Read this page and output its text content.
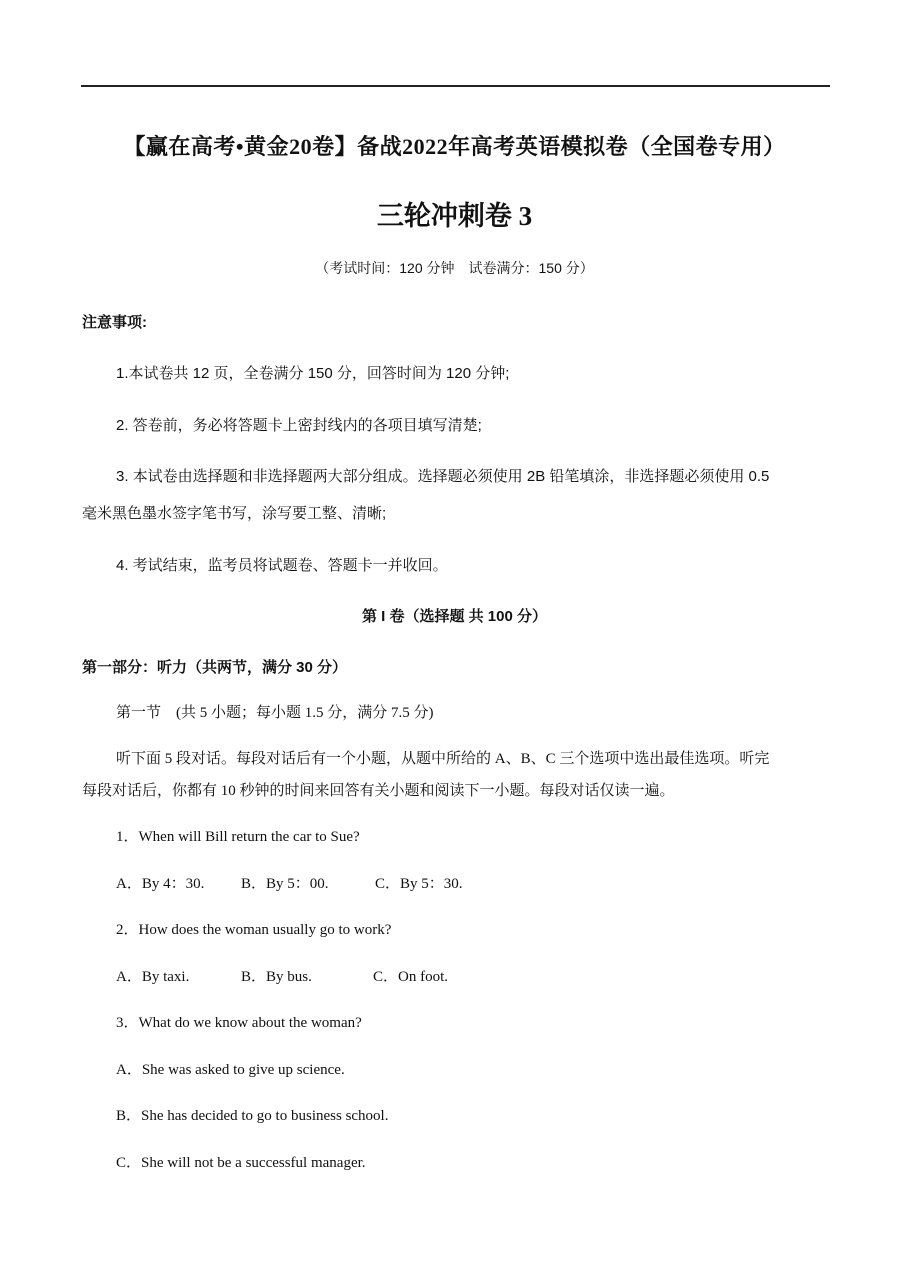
【赢在高考•黄金20卷】备战2022年高考英语模拟卷（全国卷专用）
三轮冲刺卷 3
（考试时间：120 分钟　试卷满分：150 分）
注意事项:
1.本试卷共 12 页，全卷满分 150 分，回答时间为 120 分钟;
2. 答卷前，务必将答题卡上密封线内的各项目填写清楚;
3. 本试卷由选择题和非选择题两大部分组成。选择题必须使用 2B 铅笔填涂，非选择题必须使用 0.5
毫米黑色墨水签字笔书写，涂写要工整、清晰;
4. 考试结束，监考员将试题卷、答题卡一并收回。
第 I 卷（选择题 共 100 分）
第一部分：听力（共两节，满分 30 分）
第一节　(共 5 小题；每小题 1.5 分，满分 7.5 分)
听下面 5 段对话。每段对话后有一个小题，从题中所给的 A、B、C 三个选项中选出最佳选项。听完
每段对话后，你都有 10 秒钟的时间来回答有关小题和阅读下一小题。每段对话仅读一遍。
1．When will Bill return the car to Sue?
A．By 4：30. B．By 5：00.	C．By 5：30.
2．How does the woman usually go to work?
A．By taxi.	B．By bus.	C．On foot.
3．What do we know about the woman?
A．She was asked to give up science.
B．She has decided to go to business school.
C．She will not be a successful manager.
